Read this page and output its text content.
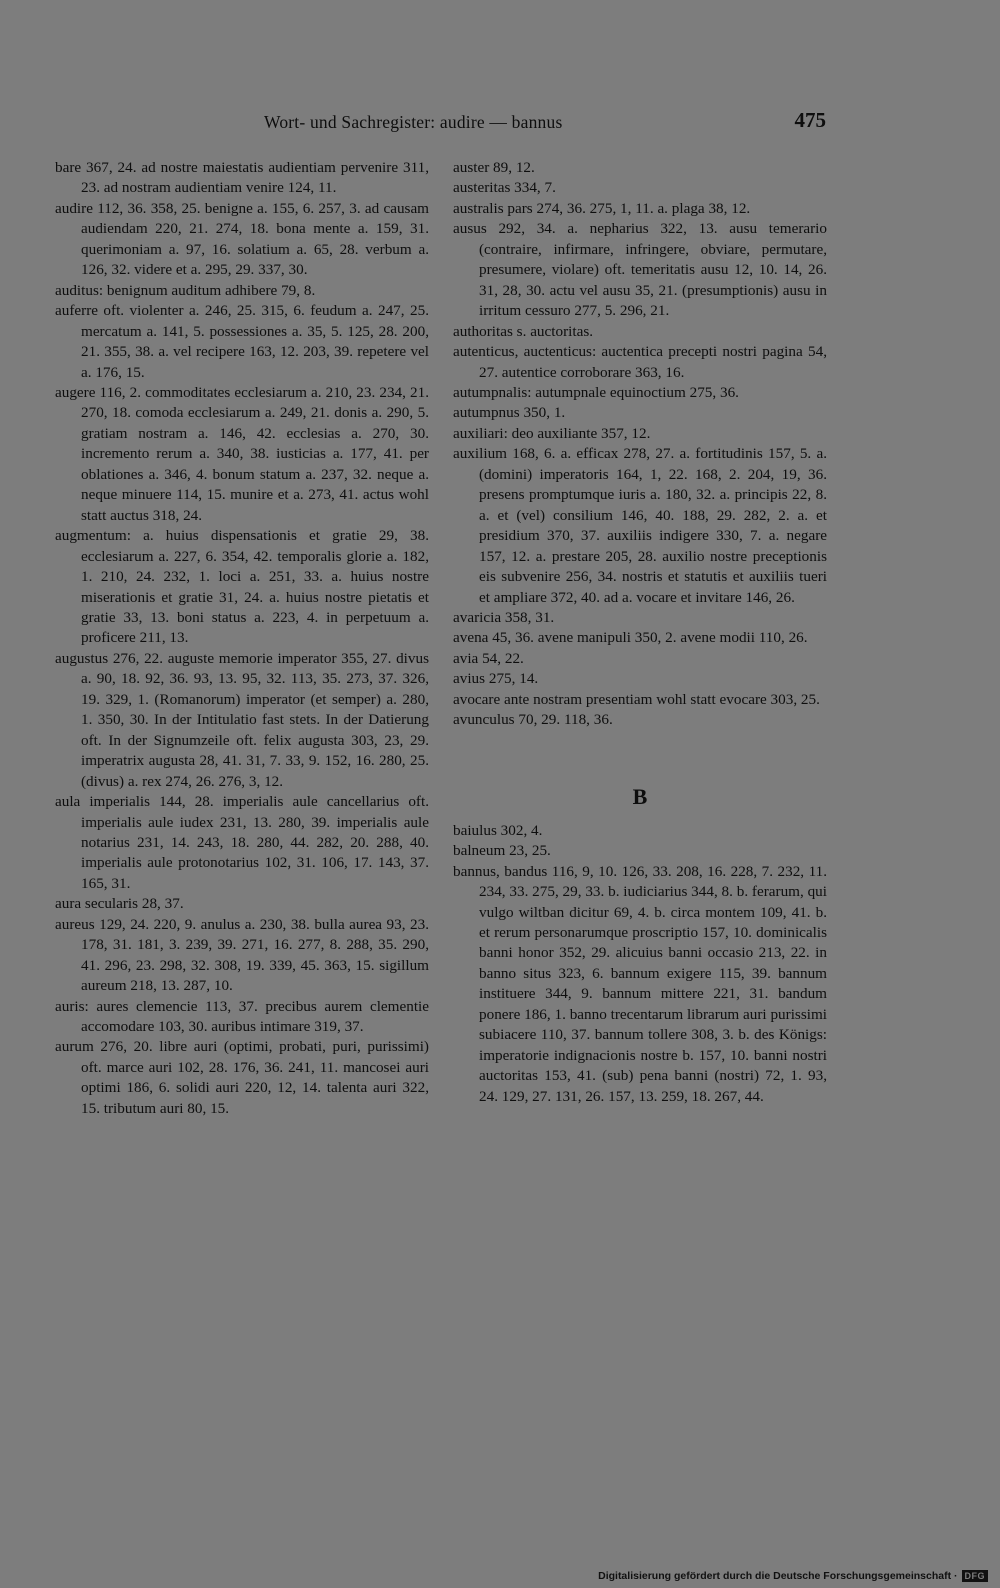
Wort- und Sachregister: audire — bannus	475

bare 367, 24. ad nostre maiestatis audientiam pervenire 311, 23. ad nostram audientiam venire 124, 11.

audire 112, 36. 358, 25. benigne a. 155, 6. 257, 3. ad causam audiendam 220, 21. 274, 18. bona mente a. 159, 31. querimoniam a. 97, 16. solatium a. 65, 28. verbum a. 126, 32. videre et a. 295, 29. 337, 30.

auditus: benignum auditum adhibere 79, 8.

auferre oft. violenter a. 246, 25. 315, 6. feudum a. 247, 25. mercatum a. 141, 5. possessiones a. 35, 5. 125, 28. 200, 21. 355, 38. a. vel recipere 163, 12. 203, 39. repetere vel a. 176, 15.

augere 116, 2. commoditates ecclesiarum a. 210, 23. 234, 21. 270, 18. comoda ecclesiarum a. 249, 21. donis a. 290, 5. gratiam nostram a. 146, 42. ecclesias a. 270, 30. incremento rerum a. 340, 38. iusticias a. 177, 41. per oblationes a. 346, 4. bonum statum a. 237, 32. neque a. neque minuere 114, 15. munire et a. 273, 41. actus wohl statt auctus 318, 24.

augmentum: a. huius dispensationis et gratie 29, 38. ecclesiarum a. 227, 6. 354, 42. temporalis glorie a. 182, 1. 210, 24. 232, 1. loci a. 251, 33. a. huius nostre miserationis et gratie 31, 24. a. huius nostre pietatis et gratie 33, 13. boni status a. 223, 4. in perpetuum a. proficere 211, 13.

augustus 276, 22. auguste memorie imperator 355, 27. divus a. 90, 18. 92, 36. 93, 13. 95, 32. 113, 35. 273, 37. 326, 19. 329, 1. (Romanorum) imperator (et semper) a. 280, 1. 350, 30. In der Intitulatio fast stets. In der Datierung oft. In der Signumzeile oft. felix augusta 303, 23, 29. imperatrix augusta 28, 41. 31, 7. 33, 9. 152, 16. 280, 25. (divus) a. rex 274, 26. 276, 3, 12.

aula imperialis 144, 28. imperialis aule cancellarius oft. imperialis aule iudex 231, 13. 280, 39. imperialis aule notarius 231, 14. 243, 18. 280, 44. 282, 20. 288, 40. imperialis aule protonotarius 102, 31. 106, 17. 143, 37. 165, 31.

aura secularis 28, 37.

aureus 129, 24. 220, 9. anulus a. 230, 38. bulla aurea 93, 23. 178, 31. 181, 3. 239, 39. 271, 16. 277, 8. 288, 35. 290, 41. 296, 23. 298, 32. 308, 19. 339, 45. 363, 15. sigillum aureum 218, 13. 287, 10.

auris: aures clemencie 113, 37. precibus aurem clementie accomodare 103, 30. auribus intimare 319, 37.

aurum 276, 20. libre auri (optimi, probati, puri, purissimi) oft. marce auri 102, 28. 176, 36. 241, 11. mancosei auri optimi 186, 6. solidi auri 220, 12, 14. talenta auri 322, 15. tributum auri 80, 15.

auster 89, 12.

austeritas 334, 7.

australis pars 274, 36. 275, 1, 11. a. plaga 38, 12.

ausus 292, 34. a. nepharius 322, 13. ausu temerario (contraire, infirmare, infringere, obviare, permutare, presumere, violare) oft. temeritatis ausu 12, 10. 14, 26. 31, 28, 30. actu vel ausu 35, 21. (presumptionis) ausu in irritum cessuro 277, 5. 296, 21.

authoritas s. auctoritas.

autenticus, auctenticus: auctentica precepti nostri pagina 54, 27. autentice corroborare 363, 16.

autumpnalis: autumpnale equinoctium 275, 36.

autumpnus 350, 1.

auxiliari: deo auxiliante 357, 12.

auxilium 168, 6. a. efficax 278, 27. a. fortitudinis 157, 5. a. (domini) imperatoris 164, 1, 22. 168, 2. 204, 19, 36. presens promptumque iuris a. 180, 32. a. principis 22, 8. a. et (vel) consilium 146, 40. 188, 29. 282, 2. a. et presidium 370, 37. auxiliis indigere 330, 7. a. negare 157, 12. a. prestare 205, 28. auxilio nostre preceptionis eis subvenire 256, 34. nostris et statutis et auxiliis tueri et ampliare 372, 40. ad a. vocare et invitare 146, 26.

avaricia 358, 31.

avena 45, 36. avene manipuli 350, 2. avene modii 110, 26.

avia 54, 22.

avius 275, 14.

avocare ante nostram presentiam wohl statt evocare 303, 25.

avunculus 70, 29. 118, 36.

B

baiulus 302, 4.

balneum 23, 25.

bannus, bandus 116, 9, 10. 126, 33. 208, 16. 228, 7. 232, 11. 234, 33. 275, 29, 33. b. iudiciarius 344, 8. b. ferarum, qui vulgo wiltban dicitur 69, 4. b. circa montem 109, 41. b. et rerum personarumque proscriptio 157, 10. dominicalis banni honor 352, 29. alicuius banni occasio 213, 22. in banno situs 323, 6. bannum exigere 115, 39. bannum instituere 344, 9. bannum mittere 221, 31. bandum ponere 186, 1. banno trecentarum librarum auri purissimi subiacere 110, 37. bannum tollere 308, 3. b. des Königs: imperatorie indignacionis nostre b. 157, 10. banni nostri auctoritas 153, 41. (sub) pena banni (nostri) 72, 1. 93, 24. 129, 27. 131, 26. 157, 13. 259, 18. 267, 44.

Digitalisierung gefördert durch die Deutsche Forschungsgemeinschaft · DFG
